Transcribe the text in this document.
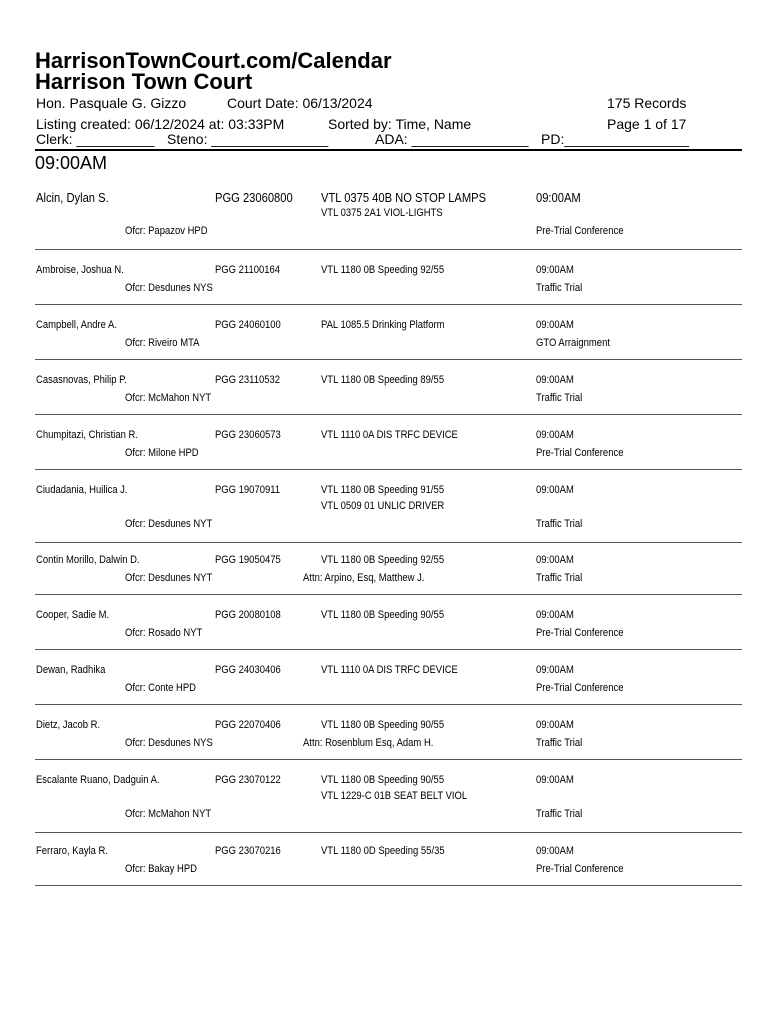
HarrisonTownCourt.com/Calendar
Harrison Town Court
Hon. Pasquale G. Gizzo	Court Date: 06/13/2024	175 Records
Listing created: 06/12/2024 at: 03:33PM	Sorted by: Time, Name	Page 1 of 17
Clerk: __________ Steno: _______________	ADA: _______________ PD:________________
09:00AM
Alcin, Dylan S.	PGG 23060800 VTL 0375 40B NO STOP LAMPS	09:00AM
VTL 0375 2A1 VIOL-LIGHTS
Ofcr: Papazov HPD	Pre-Trial Conference
Ambroise, Joshua N.	PGG 21100164	VTL 1180 0B Speeding 92/55	09:00AM
Ofcr: Desdunes NYS	Traffic Trial
Campbell, Andre A.	PGG 24060100	PAL 1085.5 Drinking Platform	09:00AM
Ofcr: Riveiro MTA	GTO Arraignment
Casasnovas, Philip P.	PGG 23110532	VTL 1180 0B Speeding 89/55	09:00AM
Ofcr: McMahon NYT	Traffic Trial
Chumpitazi, Christian R.	PGG 23060573	VTL 1110 0A DIS TRFC DEVICE	09:00AM
Ofcr: Milone HPD	Pre-Trial Conference
Ciudadania, Huilica J.	PGG 19070911	VTL 1180 0B Speeding 91/55	09:00AM
VTL 0509 01 UNLIC DRIVER
Ofcr: Desdunes NYT	Traffic Trial
Contin Morillo, Dalwin D.	PGG 19050475	VTL 1180 0B Speeding 92/55	09:00AM
Ofcr: Desdunes NYT	Attn: Arpino, Esq, Matthew J.	Traffic Trial
Cooper, Sadie M.	PGG 20080108	VTL 1180 0B Speeding 90/55	09:00AM
Ofcr: Rosado NYT	Pre-Trial Conference
Dewan, Radhika	PGG 24030406	VTL 1110 0A DIS TRFC DEVICE	09:00AM
Ofcr: Conte HPD	Pre-Trial Conference
Dietz, Jacob R.	PGG 22070406	VTL 1180 0B Speeding 90/55	09:00AM
Ofcr: Desdunes NYS	Attn: Rosenblum Esq, Adam H.	Traffic Trial
Escalante Ruano, Dadguin A.	PGG 23070122	VTL 1180 0B Speeding 90/55	09:00AM
VTL 1229-C 01B SEAT BELT VIOL
Ofcr: McMahon NYT	Traffic Trial
Ferraro, Kayla R.	PGG 23070216	VTL 1180 0D Speeding 55/35	09:00AM
Ofcr: Bakay HPD	Pre-Trial Conference
